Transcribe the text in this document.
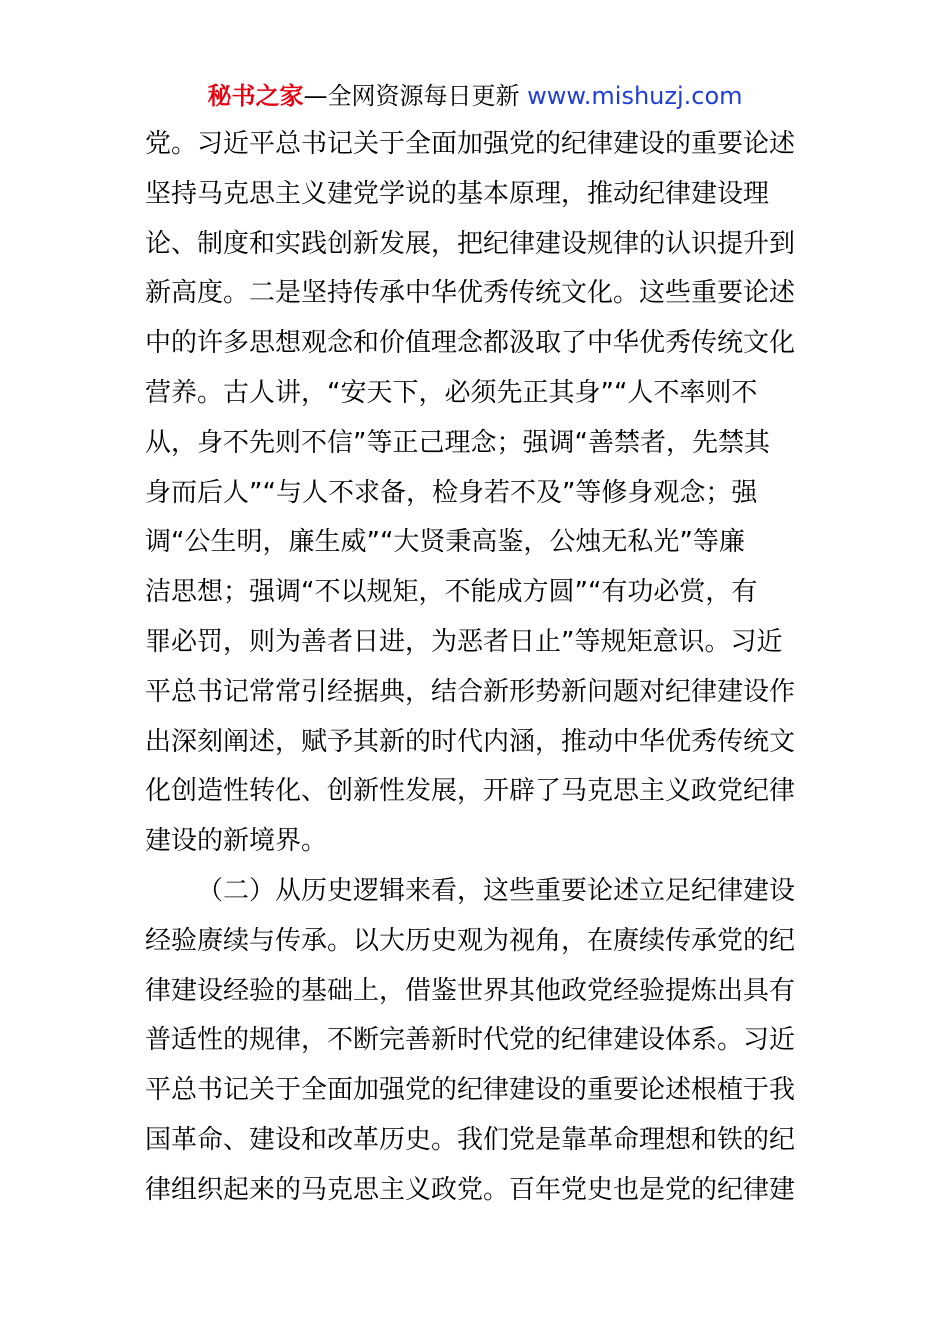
秘书之家—全网资源每日更新 www.mishuzj.com
党。习近平总书记关于全面加强党的纪律建设的重要论述
坚持马克思主义建党学说的基本原理，推动纪律建设理
论、制度和实践创新发展，把纪律建设规律的认识提升到
新高度。二是坚持传承中华优秀传统文化。这些重要论述
中的许多思想观念和价值理念都汲取了中华优秀传统文化
营养。古人讲，“安天下，必须先正其身”“人不率则不
从，身不先则不信”等正己理念；强调“善禁者，先禁其
身而后人”“与人不求备，检身若不及”等修身观念；强
调“公生明，廉生威”“大贤秉高鉴，公烛无私光”等廉
洁思想；强调“不以规矩，不能成方圆”“有功必赏，有
罪必罚，则为善者日进，为恶者日止”等规矩意识。习近
平总书记常常引经据典，结合新形势新问题对纪律建设作
出深刻阐述，赋予其新的时代内涵，推动中华优秀传统文
化创造性转化、创新性发展，开辟了马克思主义政党纪律
建设的新境界。
（二）从历史逻辑来看，这些重要论述立足纪律建设
经验赓续与传承。以大历史观为视角，在赓续传承党的纪
律建设经验的基础上，借鉴世界其他政党经验提炼出具有
普适性的规律，不断完善新时代党的纪律建设体系。习近
平总书记关于全面加强党的纪律建设的重要论述根植于我
国革命、建设和改革历史。我们党是靠革命理想和铁的纪
律组织起来的马克思主义政党。百年党史也是党的纪律建
